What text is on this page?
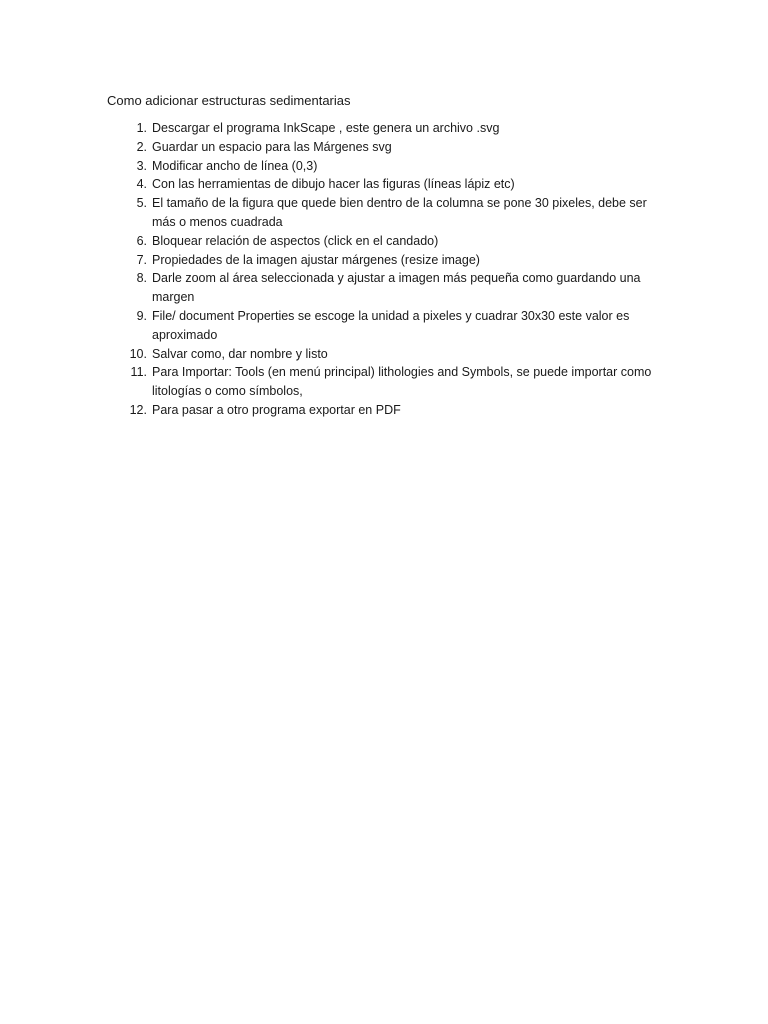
Como adicionar estructuras sedimentarias
1. Descargar el programa InkScape , este genera un archivo .svg
2. Guardar un espacio para las Márgenes svg
3. Modificar ancho de línea (0,3)
4. Con las herramientas de dibujo hacer las figuras (líneas lápiz etc)
5. El tamaño de la figura que quede bien dentro de la columna se pone 30 pixeles, debe ser más o menos cuadrada
6. Bloquear relación de aspectos (click en el candado)
7. Propiedades de la imagen ajustar márgenes (resize image)
8. Darle zoom al área seleccionada y ajustar a imagen más pequeña como guardando una margen
9. File/ document Properties se escoge la unidad a pixeles y cuadrar 30x30 este valor es aproximado
10. Salvar como, dar nombre y listo
11. Para Importar: Tools (en menú principal) lithologies and Symbols, se puede importar como litologías o como símbolos,
12. Para pasar a otro programa exportar en PDF
